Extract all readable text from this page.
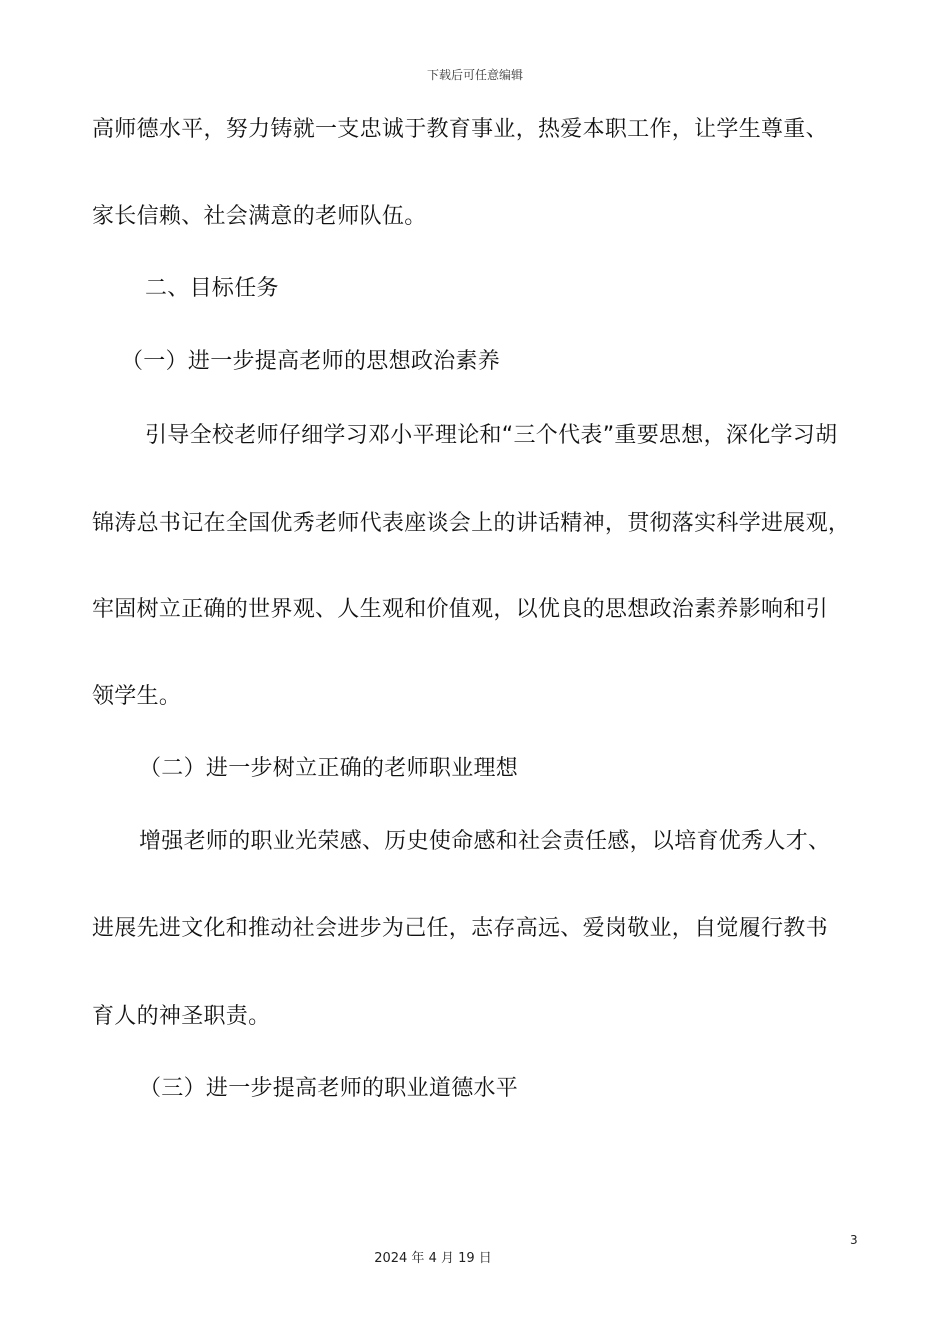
下载后可任意编辑
高师德水平，努力铸就一支忠诚于教育事业，热爱本职工作，让学生尊重、
家长信赖、社会满意的老师队伍。
二、目标任务
（一）进一步提高老师的思想政治素养
引导全校老师仔细学习邓小平理论和“三个代表”重要思想，深化学习胡
锦涛总书记在全国优秀老师代表座谈会上的讲话精神，贯彻落实科学进展观，
牢固树立正确的世界观、人生观和价值观，以优良的思想政治素养影响和引
领学生。
（二）进一步树立正确的老师职业理想
增强老师的职业光荣感、历史使命感和社会责任感，以培育优秀人才、
进展先进文化和推动社会进步为己任，志存高远、爱岗敬业，自觉履行教书
育人的神圣职责。
（三）进一步提高老师的职业道德水平
3
2024 年 4 月 19 日
